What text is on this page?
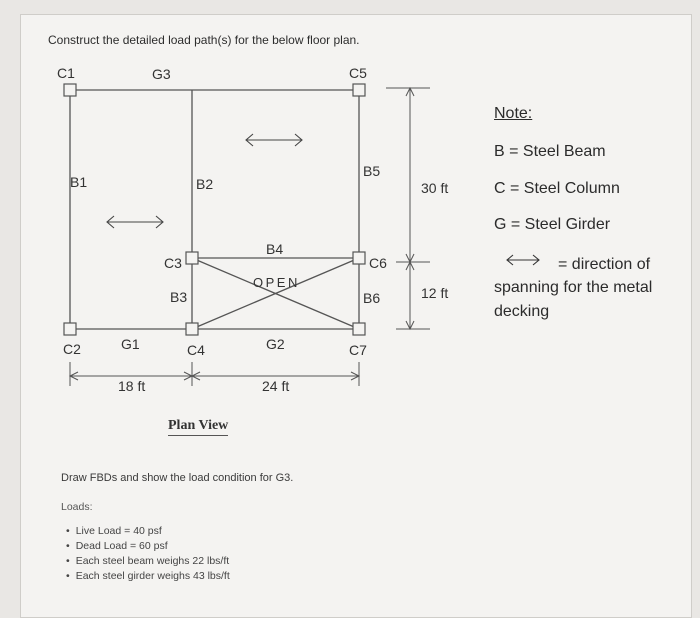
Construct the detailed load path(s) for the below floor plan.
C1	G3	C5
B1	B2
B5
B4
C3	C6
B3	B6
C2	G1	C4	G2	C7
OPEN
18 ft	24 ft
30 ft
12 ft
Note:
B = Steel Beam
C = Steel Column
G = Steel Girder
= direction of
spanning for the metal
decking
Plan View
Draw FBDs and show the load condition for G3.
Loads:
• Live Load = 40 psf
• Dead Load = 60 psf
• Each steel beam weighs 22 lbs/ft
• Each steel girder weighs 43 lbs/ft
